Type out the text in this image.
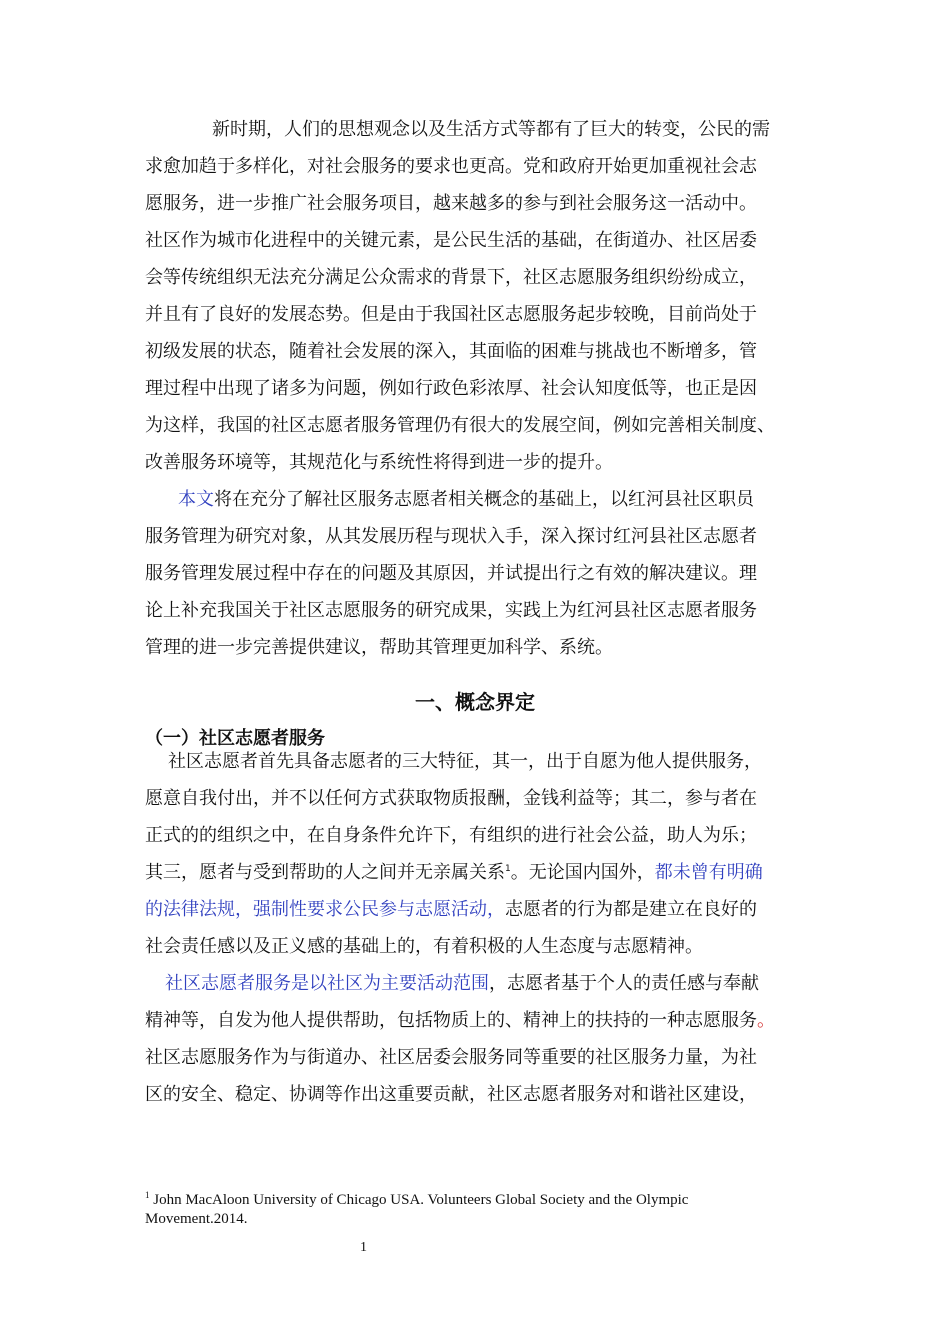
新时期，人们的思想观念以及生活方式等都有了巨大的转变，公民的需
求愈加趋于多样化，对社会服务的要求也更高。党和政府开始更加重视社会志
愿服务，进一步推广社会服务项目，越来越多的参与到社会服务这一活动中。
社区作为城市化进程中的关键元素，是公民生活的基础，在街道办、社区居委
会等传统组织无法充分满足公众需求的背景下，社区志愿服务组织纷纷成立，
并且有了良好的发展态势。但是由于我国社区志愿服务起步较晚，目前尚处于
初级发展的状态，随着社会发展的深入，其面临的困难与挑战也不断增多，管
理过程中出现了诸多为问题，例如行政色彩浓厚、社会认知度低等，也正是因
为这样，我国的社区志愿者服务管理仍有很大的发展空间，例如完善相关制度、
改善服务环境等，其规范化与系统性将得到进一步的提升。
本文将在充分了解社区服务志愿者相关概念的基础上，以红河县社区职员
服务管理为研究对象，从其发展历程与现状入手，深入探讨红河县社区志愿者
服务管理发展过程中存在的问题及其原因，并试提出行之有效的解决建议。理
论上补充我国关于社区志愿服务的研究成果，实践上为红河县社区志愿者服务
管理的进一步完善提供建议，帮助其管理更加科学、系统。
一、概念界定
（一）社区志愿者服务
社区志愿者首先具备志愿者的三大特征，其一，出于自愿为他人提供服务，
愿意自我付出，并不以任何方式获取物质报酬，金钱利益等；其二，参与者在
正式的的组织之中，在自身条件允许下，有组织的进行社会公益，助人为乐；
其三，愿者与受到帮助的人之间并无亲属关系$^1$。无论国内国外，都未曾有明确
的法律法规，强制性要求公民参与志愿活动，志愿者的行为都是建立在良好的
社会责任感以及正义感的基础上的，有着积极的人生态度与志愿精神。
社区志愿者服务是以社区为主要活动范围，志愿者基于个人的责任感与奉献
精神等，自发为他人提供帮助，包括物质上的、精神上的扶持的一种志愿服务。
社区志愿服务作为与街道办、社区居委会服务同等重要的社区服务力量，为社
区的安全、稳定、协调等作出这重要贡献，社区志愿者服务对和谐社区建设，
$^1$ John MacAloon University of Chicago USA. Volunteers Global Society and the Olympic
Movement.2014.
1
